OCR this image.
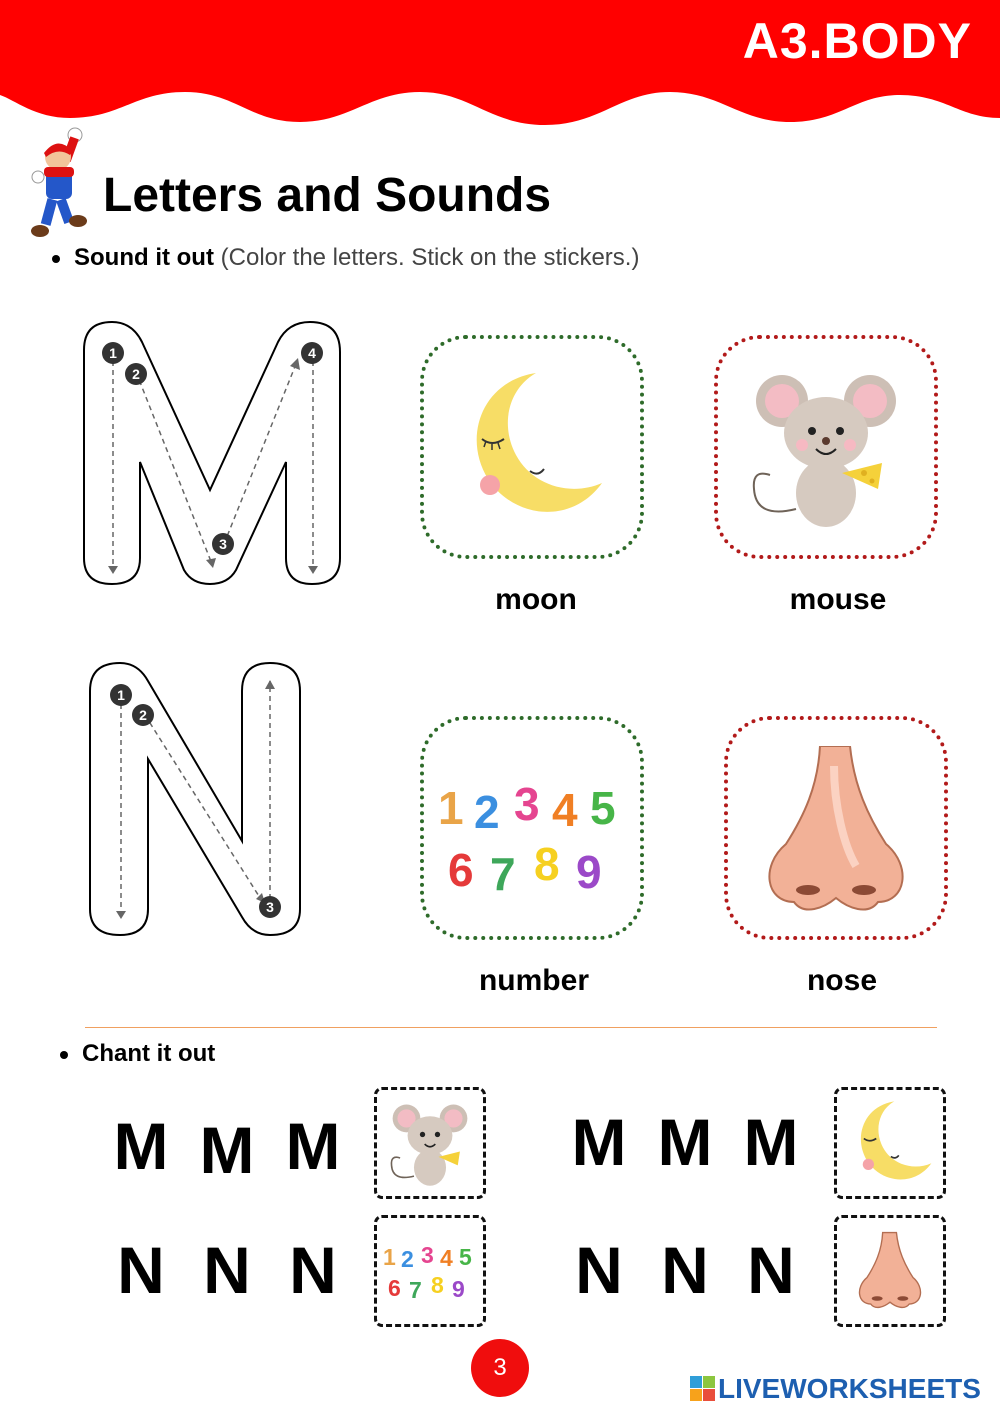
A3.BODY
Letters and Sounds
Sound it out (Color the letters. Stick on the stickers.)
1
2
3
4
1
2
3
moon	mouse
1 2 3 4 5
6 7 8 9
number	nose
Chant it out
M M M	M M M
N N N	1 2 3 4 5
6 7 8 9 N N N
3
LIVEWORKSHEETS
